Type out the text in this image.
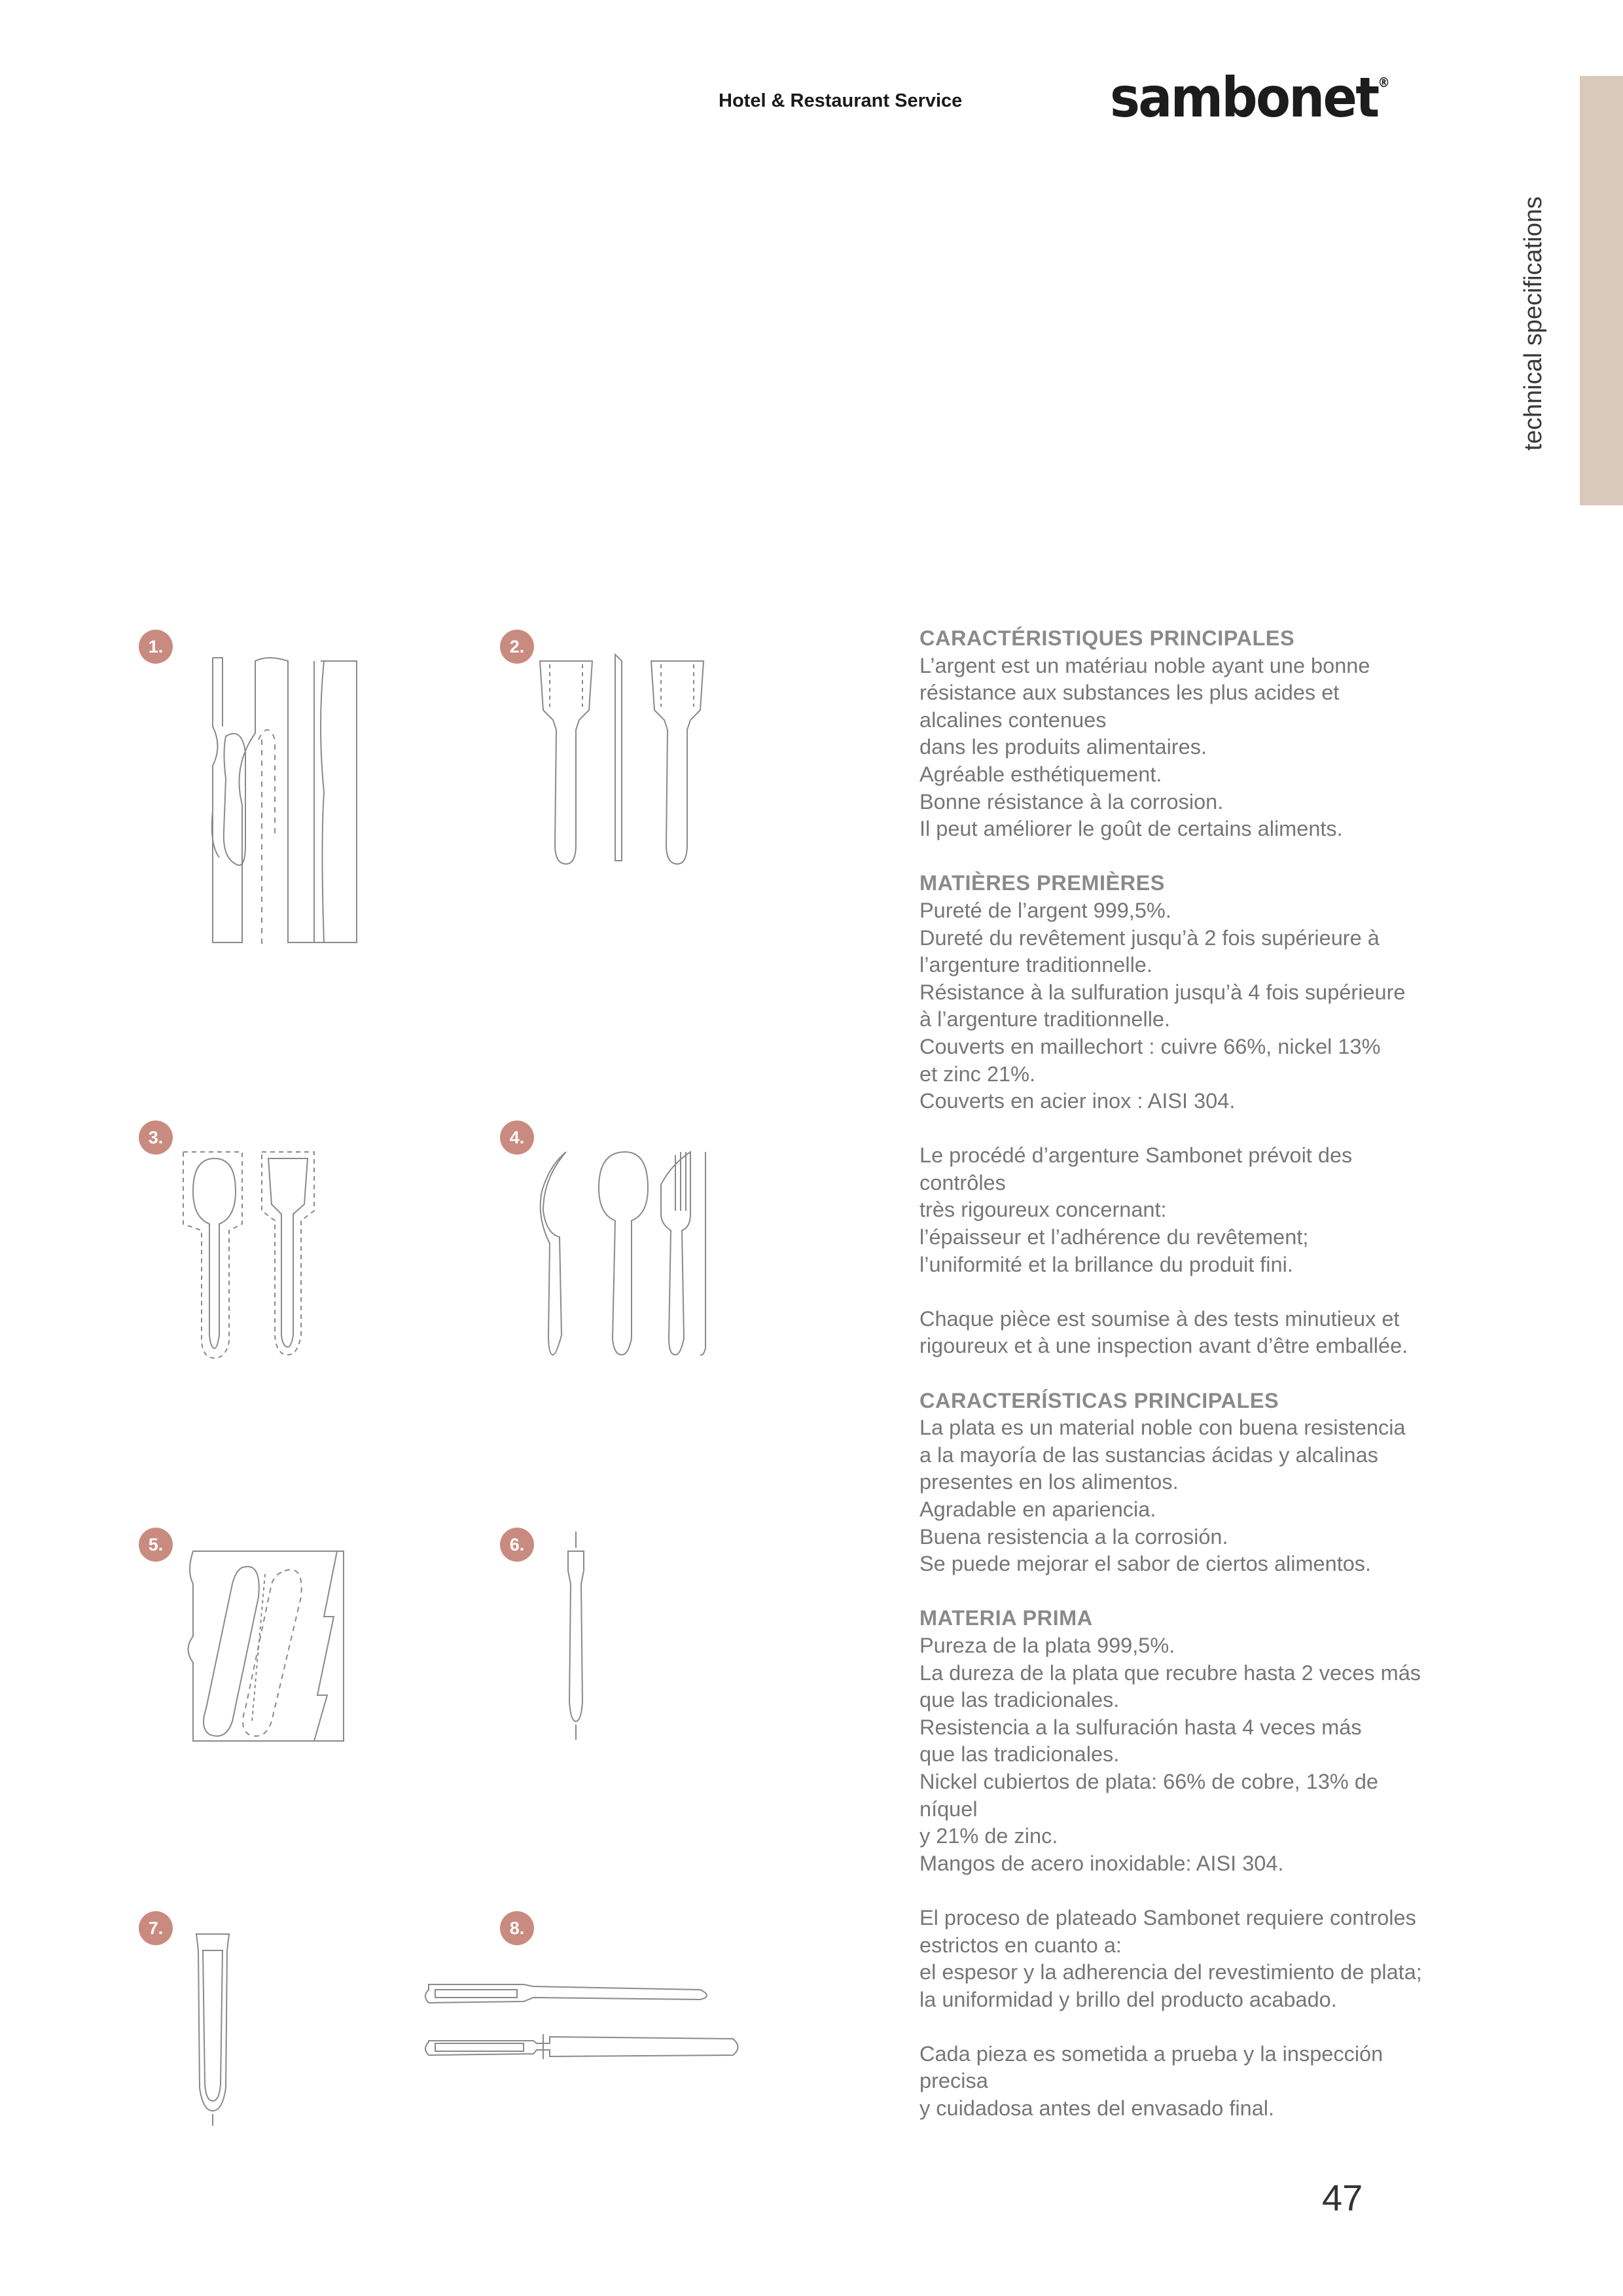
Hotel & Restaurant Service	sambonet®
technical specifications
1.	2.
3.	4.
5.	6.
7.	8.
CARACTÉRISTIQUES PRINCIPALES

L’argent est un matériau noble ayant une bonne

résistance aux substances les plus acides et

alcalines contenues

dans les produits alimentaires.

Agréable esthétiquement.

Bonne résistance à la corrosion.

Il peut améliorer le goût de certains aliments.

MATIÈRES PREMIÈRES

Pureté de l’argent 999,5%.

Dureté du revêtement jusqu’à 2 fois supérieure à

l’argenture traditionnelle.

Résistance à la sulfuration jusqu’à 4 fois supérieure

à l’argenture traditionnelle.

Couverts en maillechort : cuivre 66%, nickel 13%

et zinc 21%.

Couverts en acier inox : AISI 304.

Le procédé d’argenture Sambonet prévoit des

contrôles

très rigoureux concernant:

l’épaisseur et l’adhérence du revêtement;

l’uniformité et la brillance du produit fini.

Chaque pièce est soumise à des tests minutieux et

rigoureux et à une inspection avant d’être emballée.

CARACTERÍSTICAS PRINCIPALES

La plata es un material noble con buena resistencia

a la mayoría de las sustancias ácidas y alcalinas

presentes en los alimentos.

Agradable en apariencia.

Buena resistencia a la corrosión.

Se puede mejorar el sabor de ciertos alimentos.

MATERIA PRIMA

Pureza de la plata 999,5%.

La dureza de la plata que recubre hasta 2 veces más

que las tradicionales.

Resistencia a la sulfuración hasta 4 veces más

que las tradicionales.

Nickel cubiertos de plata: 66% de cobre, 13% de

níquel

y 21% de zinc.

Mangos de acero inoxidable: AISI 304.

El proceso de plateado Sambonet requiere controles

estrictos en cuanto a:

el espesor y la adherencia del revestimiento de plata;

la uniformidad y brillo del producto acabado.

Cada pieza es sometida a prueba y la inspección

precisa

y cuidadosa antes del envasado final.

47
